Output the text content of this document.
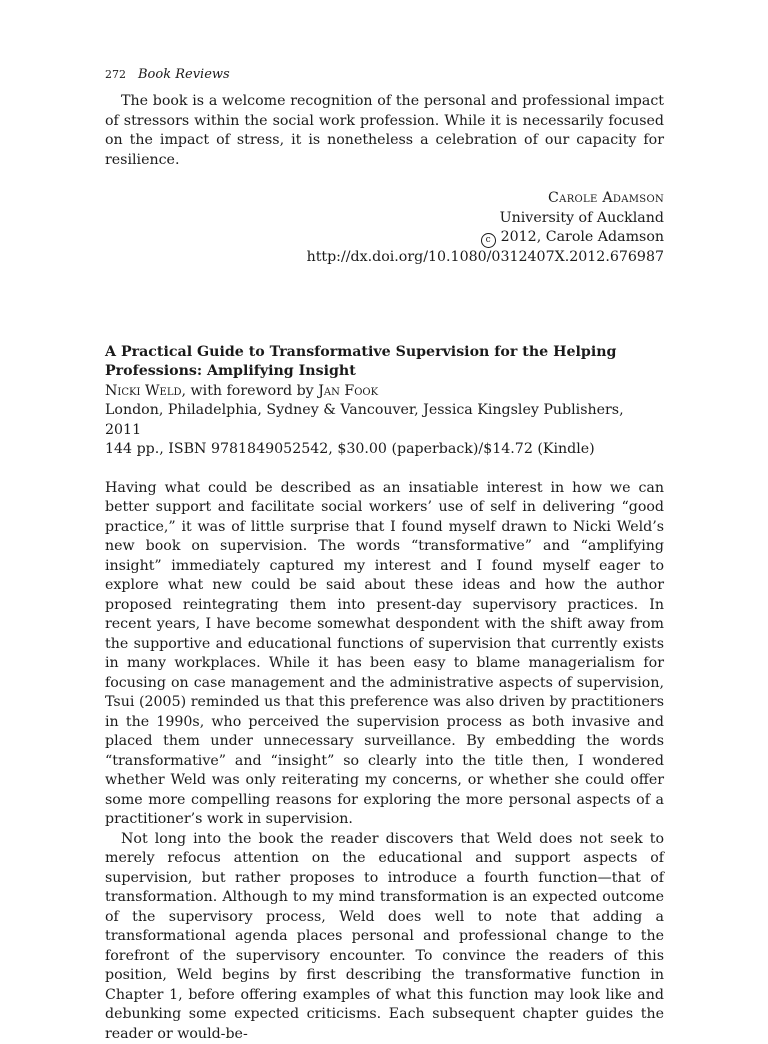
272 Book Reviews

The book is a welcome recognition of the personal and professional impact of stressors within the social work profession. While it is necessarily focused on the impact of stress, it is nonetheless a celebration of our capacity for resilience.

Carole Adamson
University of Auckland
c 2012, Carole Adamson
http://dx.doi.org/10.1080/0312407X.2012.676987
A Practical Guide to Transformative Supervision for the Helping Professions: Amplifying Insight
Nicki Weld, with foreword by Jan Fook
London, Philadelphia, Sydney & Vancouver, Jessica Kingsley Publishers, 2011
144 pp., ISBN 9781849052542, $30.00 (paperback)/$14.72 (Kindle)

Having what could be described as an insatiable interest in how we can better support and facilitate social workers’ use of self in delivering “good practice,” it was of little surprise that I found myself drawn to Nicki Weld’s new book on supervision. The words “transformative” and “amplifying insight” immediately captured my interest and I found myself eager to explore what new could be said about these ideas and how the author proposed reintegrating them into present-day supervisory practices. In recent years, I have become somewhat despondent with the shift away from the supportive and educational functions of supervision that currently exists in many workplaces. While it has been easy to blame managerialism for focusing on case management and the administrative aspects of supervision, Tsui (2005) reminded us that this preference was also driven by practitioners in the 1990s, who perceived the supervision process as both invasive and placed them under unnecessary surveillance. By embedding the words “transformative” and “insight” so clearly into the title then, I wondered whether Weld was only reiterating my concerns, or whether she could offer some more compelling reasons for exploring the more personal aspects of a practitioner’s work in supervision.

Not long into the book the reader discovers that Weld does not seek to merely refocus attention on the educational and support aspects of supervision, but rather proposes to introduce a fourth function—that of transformation. Although to my mind transformation is an expected outcome of the supervisory process, Weld does well to note that adding a transformational agenda places personal and professional change to the forefront of the supervisory encounter. To convince the readers of this position, Weld begins by first describing the transformative function in Chapter 1, before offering examples of what this function may look like and debunking some expected criticisms. Each subsequent chapter guides the reader or would-be-
